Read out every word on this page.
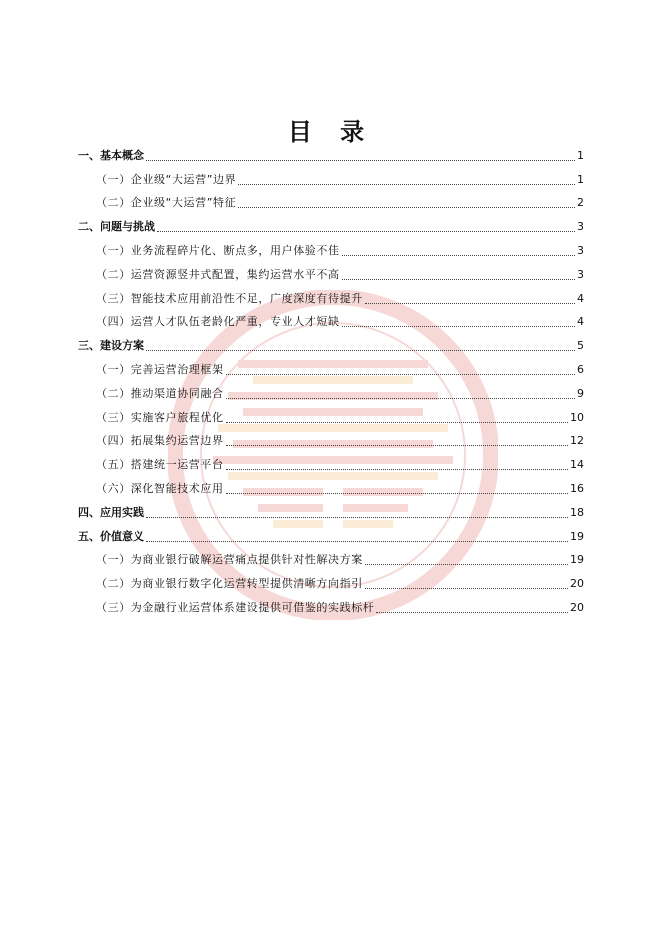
目 录
一、基本概念	1
（一）企业级“大运营”边界	1
（二）企业级“大运营”特征	2
二、问题与挑战	3
（一）业务流程碎片化、断点多，用户体验不佳	3
（二）运营资源竖井式配置，集约运营水平不高	3
（三）智能技术应用前沿性不足，广度深度有待提升	4
（四）运营人才队伍老龄化严重，专业人才短缺	4
三、建设方案	5
（一）完善运营治理框架	6
（二）推动渠道协同融合	9
（三）实施客户旅程优化	10
（四）拓展集约运营边界	12
（五）搭建统一运营平台	14
（六）深化智能技术应用	16
四、应用实践	18
五、价值意义	19
（一）为商业银行破解运营痛点提供针对性解决方案	19
（二）为商业银行数字化运营转型提供清晰方向指引	20
（三）为金融行业运营体系建设提供可借鉴的实践标杆	20
